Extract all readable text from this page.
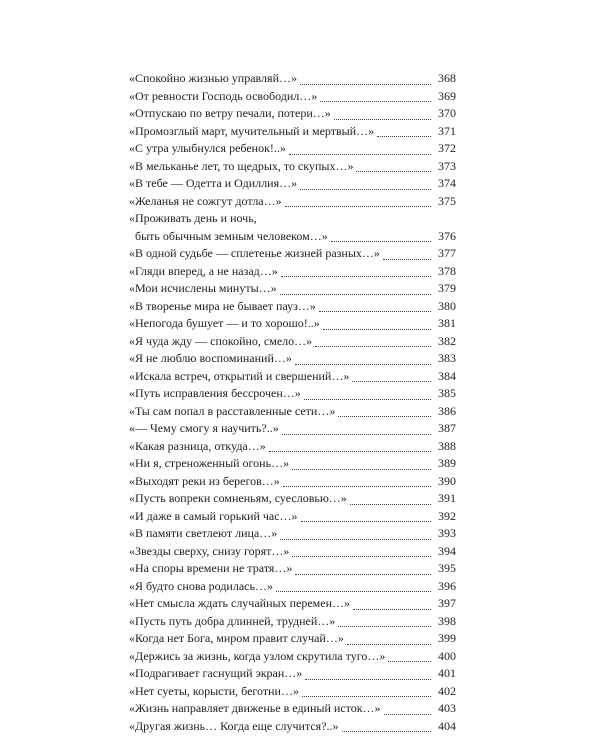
«Спокойно жизнью управляй…»	368
«От ревности Господь освободил…»	369
«Отпускаю по ветру печали, потери…»	370
«Промозглый март, мучительный и мертвый…»	371
«С утра улыбнулся ребенок!..»	372
«В мельканье лет, то щедрых, то скупых…»	373
«В тебе — Одетта и Одиллия…»	374
«Желанья не сожгут дотла…»	375
«Проживать день и ночь,
быть обычным земным человеком…»	376
«В одной судьбе — сплетенье жизней разных…»	377
«Гляди вперед, а не назад…»	378
«Мои исчислены минуты…»	379
«В творенье мира не бывает пауз…»	380
«Непогода бушует — и то хорошо!..»	381
«Я чуда жду — спокойно, смело…»	382
«Я не люблю воспоминаний…»	383
«Искала встреч, открытий и свершений…»	384
«Путь исправления бессрочен…»	385
«Ты сам попал в расставленные сети…»	386
«— Чему смогу я научить?..»	387
«Какая разница, откуда…»	388
«Ни я, стреноженный огонь…»	389
«Выходят реки из берегов…»	390
«Пусть вопреки сомненьям, суесловью…»	391
«И даже в самый горький час…»	392
«В памяти светлеют лица…»	393
«Звезды сверху, снизу горят…»	394
«На споры времени не тратя…»	395
«Я будто снова родилась…»	396
«Нет смысла ждать случайных перемен…»	397
«Пусть путь добра длинней, трудней…»	398
«Когда нет Бога, миром правит случай…»	399
«Держись за жизнь, когда узлом скрутила туго…»	400
«Подрагивает гаснущий экран…»	401
«Нет суеты, корысти, беготни…»	402
«Жизнь направляет движенье в единый исток…»	403
«Другая жизнь… Когда еще случится?..»	404
